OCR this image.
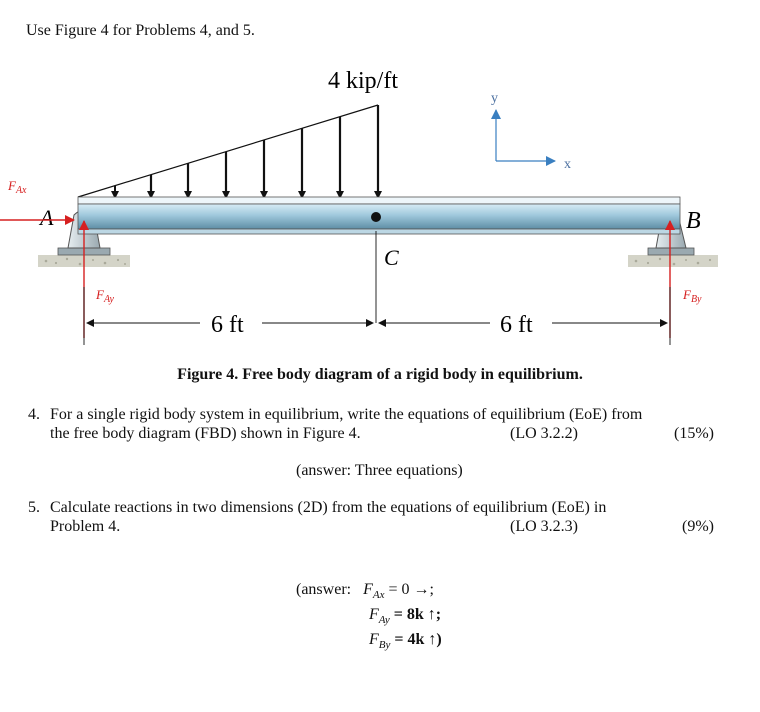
Use Figure 4 for Problems 4, and 5.
4 kip/ft
y
x
A	B
C
$F_{Ax}$
$F_{Ay}$	$F_{By}$
6 ft	6 ft
Figure 4. Free body diagram of a rigid body in equilibrium.
4. For a single rigid body system in equilibrium, write the equations of equilibrium (EoE) from
the free body diagram (FBD) shown in Figure 4.	(LO 3.2.2)	(15%)
(answer: Three equations)
5. Calculate reactions in two dimensions (2D) from the equations of equilibrium (EoE) in
Problem 4.	(LO 3.2.3)	(9%)
(answer: $F_{Ax} = 0$ →;
$F_{Ay} = 8k$ ↑;
$F_{By} = 4k$ ↑)
